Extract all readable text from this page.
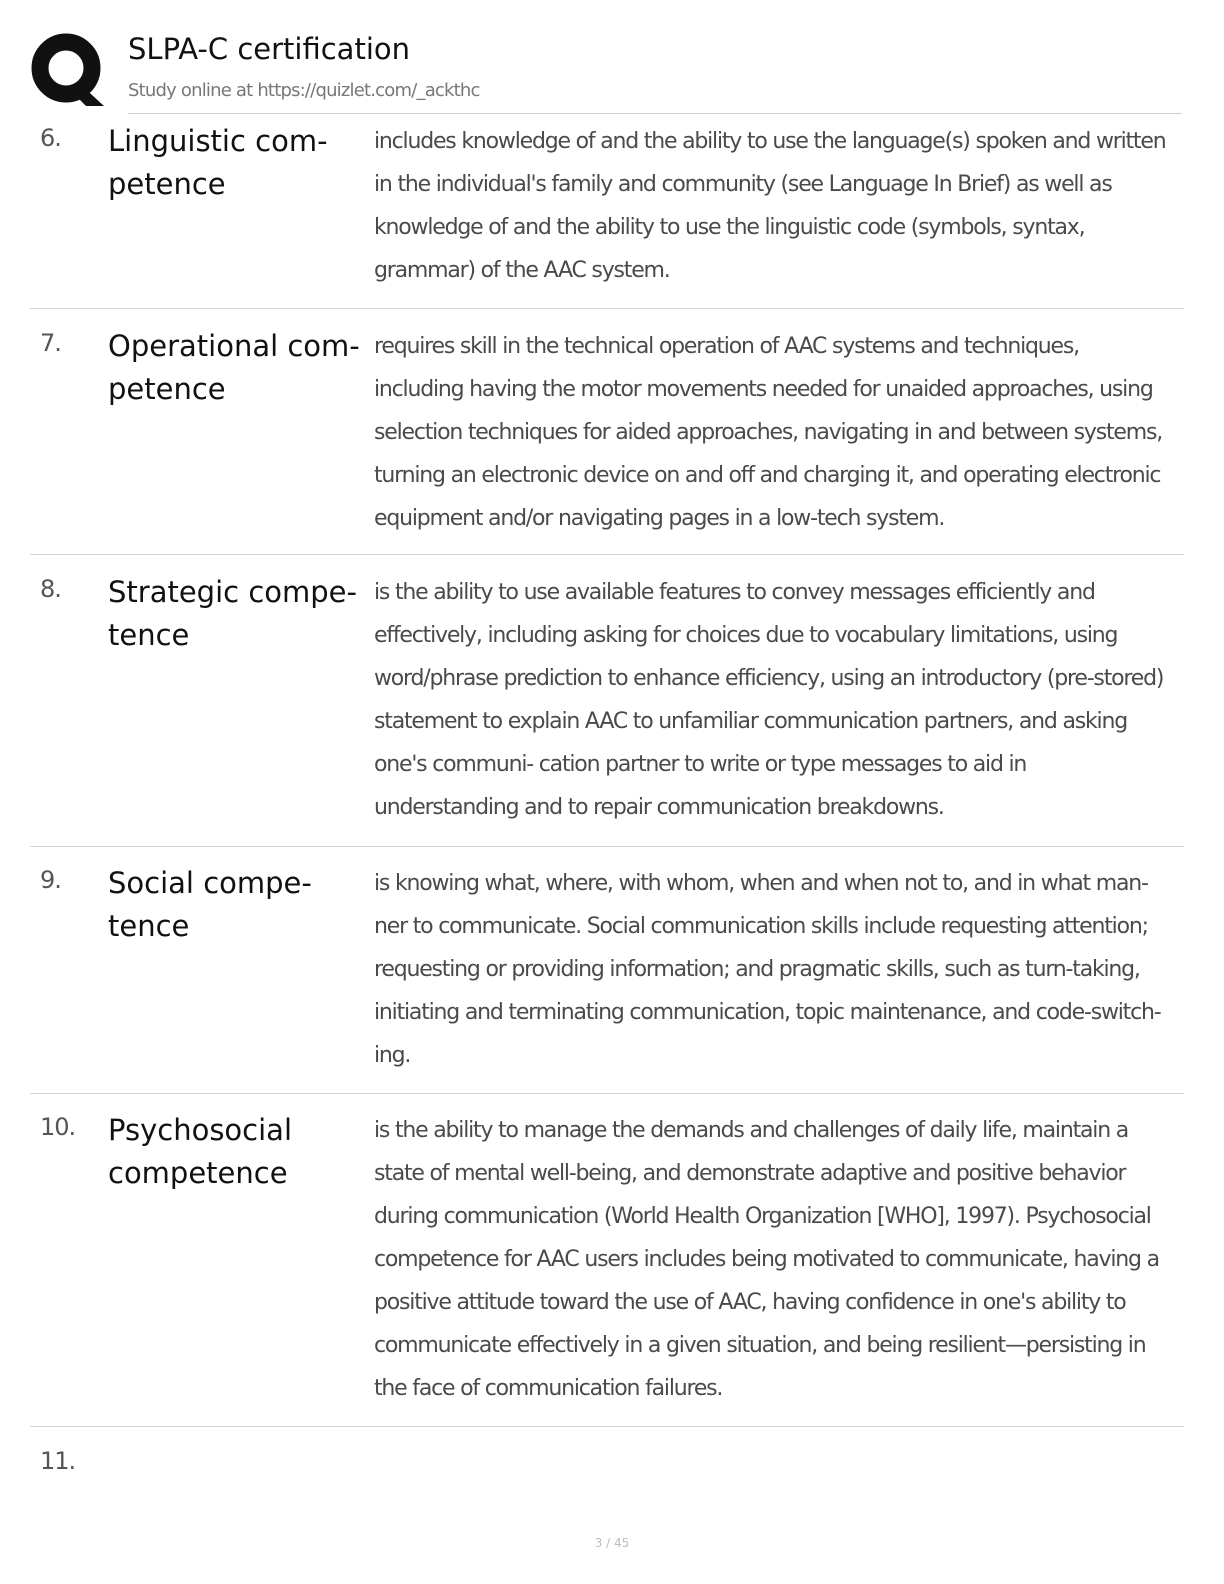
SLPA-C certification
Study online at https://quizlet.com/_ackthc
6. Linguistic com- petence
includes knowledge of and the ability to use the language(s) spoken and written in the individual's family and community (see Language In Brief) as well as knowledge of and the ability to use the linguistic code (symbols, syntax, grammar) of the AAC system.
7. Operational com- petence
requires skill in the technical operation of AAC systems and techniques, including having the motor movements needed for unaided approaches, using selection techniques for aided approaches, navigating in and between systems, turning an electronic device on and off and charging it, and operating electronic equipment and/or navigating pages in a low-tech system.
8. Strategic compe- tence
is the ability to use available features to convey messages efficiently and effectively, including asking for choices due to vocabulary limitations, using word/phrase prediction to enhance efficiency, using an introductory (pre-stored) statement to explain AAC to unfamiliar communication partners, and asking one's communi- cation partner to write or type messages to aid in understanding and to repair communication breakdowns.
9. Social compe- tence
is knowing what, where, with whom, when and when not to, and in what man- ner to communicate. Social communication skills include requesting attention; requesting or providing information; and pragmatic skills, such as turn-taking, initiating and terminating communication, topic maintenance, and code-switch- ing.
10. Psychosocial competence
is the ability to manage the demands and challenges of daily life, maintain a state of mental well-being, and demonstrate adaptive and positive behavior during communication (World Health Organization [WHO], 1997). Psychosocial competence for AAC users includes being motivated to communicate, having a positive attitude toward the use of AAC, having confidence in one's ability to communicate effectively in a given situation, and being resilient—persisting in the face of communication failures.
11.
3 / 45
